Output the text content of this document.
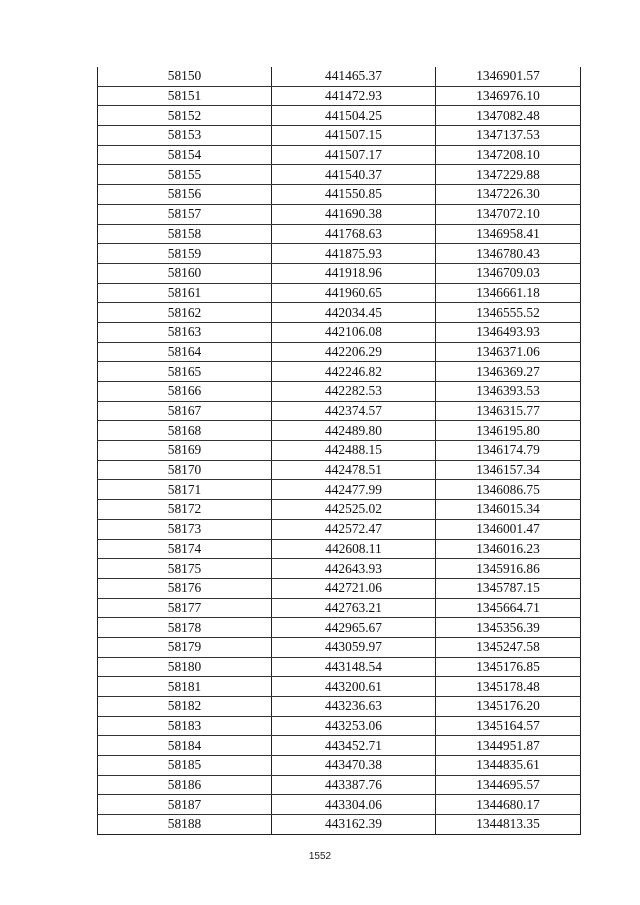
58150	441465.37	1346901.57
58151	441472.93	1346976.10
58152	441504.25	1347082.48
58153	441507.15	1347137.53
58154	441507.17	1347208.10
58155	441540.37	1347229.88
58156	441550.85	1347226.30
58157	441690.38	1347072.10
58158	441768.63	1346958.41
58159	441875.93	1346780.43
58160	441918.96	1346709.03
58161	441960.65	1346661.18
58162	442034.45	1346555.52
58163	442106.08	1346493.93
58164	442206.29	1346371.06
58165	442246.82	1346369.27
58166	442282.53	1346393.53
58167	442374.57	1346315.77
58168	442489.80	1346195.80
58169	442488.15	1346174.79
58170	442478.51	1346157.34
58171	442477.99	1346086.75
58172	442525.02	1346015.34
58173	442572.47	1346001.47
58174	442608.11	1346016.23
58175	442643.93	1345916.86
58176	442721.06	1345787.15
58177	442763.21	1345664.71
58178	442965.67	1345356.39
58179	443059.97	1345247.58
58180	443148.54	1345176.85
58181	443200.61	1345178.48
58182	443236.63	1345176.20
58183	443253.06	1345164.57
58184	443452.71	1344951.87
58185	443470.38	1344835.61
58186	443387.76	1344695.57
58187	443304.06	1344680.17
58188	443162.39	1344813.35
1552
